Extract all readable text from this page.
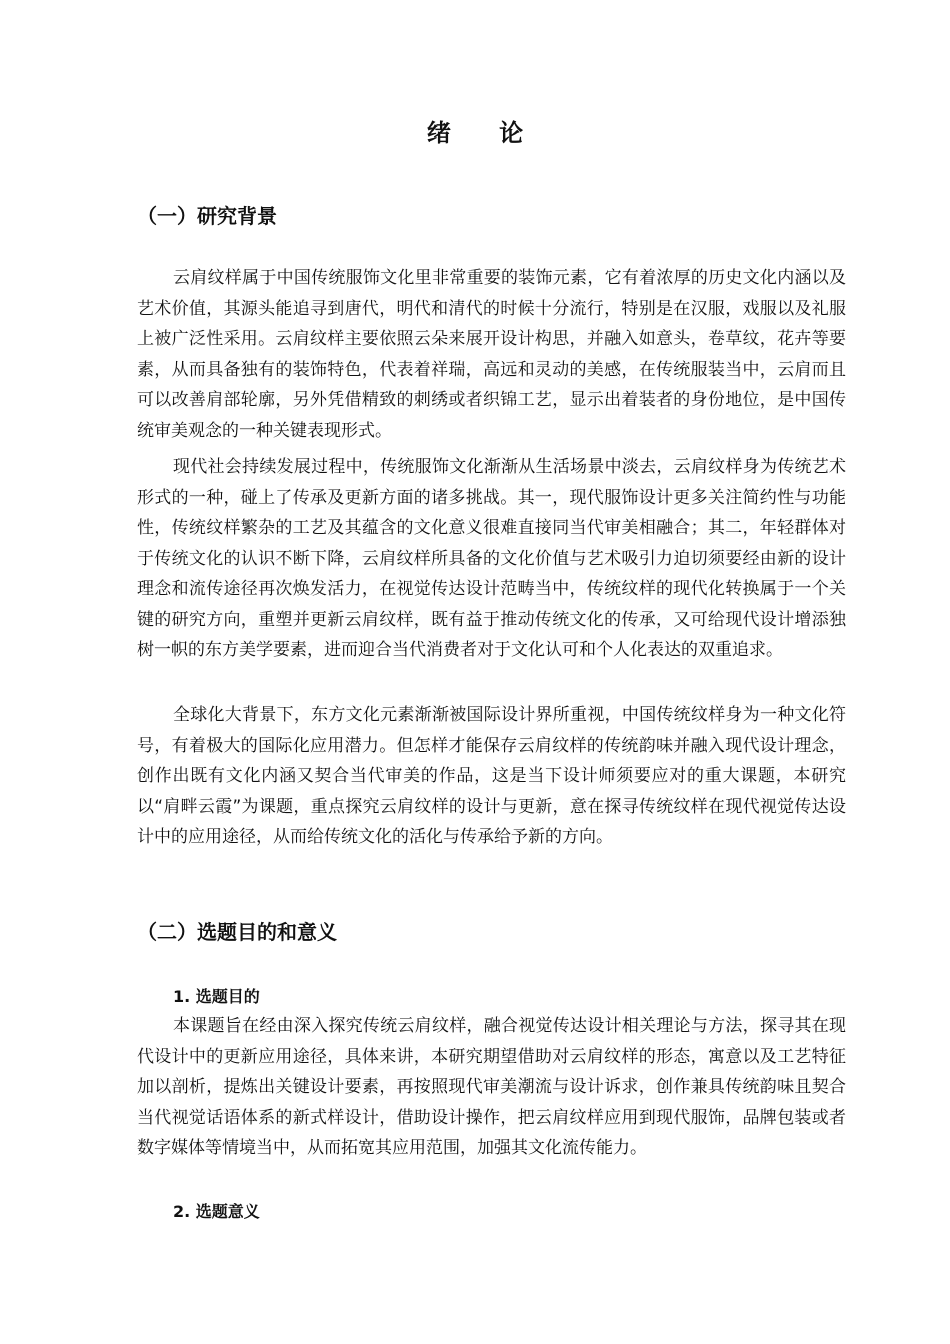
绪 论
（一）研究背景

云肩纹样属于中国传统服饰文化里非常重要的装饰元素，它有着浓厚的历史文化内涵以及艺术价值，其源头能追寻到唐代，明代和清代的时候十分流行，特别是在汉服，戏服以及礼服上被广泛性采用。云肩纹样主要依照云朵来展开设计构思，并融入如意头，卷草纹，花卉等要素，从而具备独有的装饰特色，代表着祥瑞，高远和灵动的美感，在传统服装当中，云肩而且可以改善肩部轮廓，另外凭借精致的刺绣或者织锦工艺，显示出着装者的身份地位，是中国传统审美观念的一种关键表现形式。

现代社会持续发展过程中，传统服饰文化渐渐从生活场景中淡去，云肩纹样身为传统艺术形式的一种，碰上了传承及更新方面的诸多挑战。其一，现代服饰设计更多关注简约性与功能性，传统纹样繁杂的工艺及其蕴含的文化意义很难直接同当代审美相融合；其二，年轻群体对于传统文化的认识不断下降，云肩纹样所具备的文化价值与艺术吸引力迫切须要经由新的设计理念和流传途径再次焕发活力，在视觉传达设计范畴当中，传统纹样的现代化转换属于一个关键的研究方向，重塑并更新云肩纹样，既有益于推动传统文化的传承，又可给现代设计增添独树一帜的东方美学要素，进而迎合当代消费者对于文化认可和个人化表达的双重追求。

全球化大背景下，东方文化元素渐渐被国际设计界所重视，中国传统纹样身为一种文化符号，有着极大的国际化应用潜力。但怎样才能保存云肩纹样的传统韵味并融入现代设计理念，创作出既有文化内涵又契合当代审美的作品，这是当下设计师须要应对的重大课题，本研究以“肩畔云霞”为课题，重点探究云肩纹样的设计与更新，意在探寻传统纹样在现代视觉传达设计中的应用途径，从而给传统文化的活化与传承给予新的方向。

（二）选题目的和意义
1. 选题目的

本课题旨在经由深入探究传统云肩纹样，融合视觉传达设计相关理论与方法，探寻其在现代设计中的更新应用途径，具体来讲，本研究期望借助对云肩纹样的形态，寓意以及工艺特征加以剖析，提炼出关键设计要素，再按照现代审美潮流与设计诉求，创作兼具传统韵味且契合当代视觉话语体系的新式样设计，借助设计操作，把云肩纹样应用到现代服饰，品牌包装或者数字媒体等情境当中，从而拓宽其应用范围，加强其文化流传能力。

2. 选题意义
